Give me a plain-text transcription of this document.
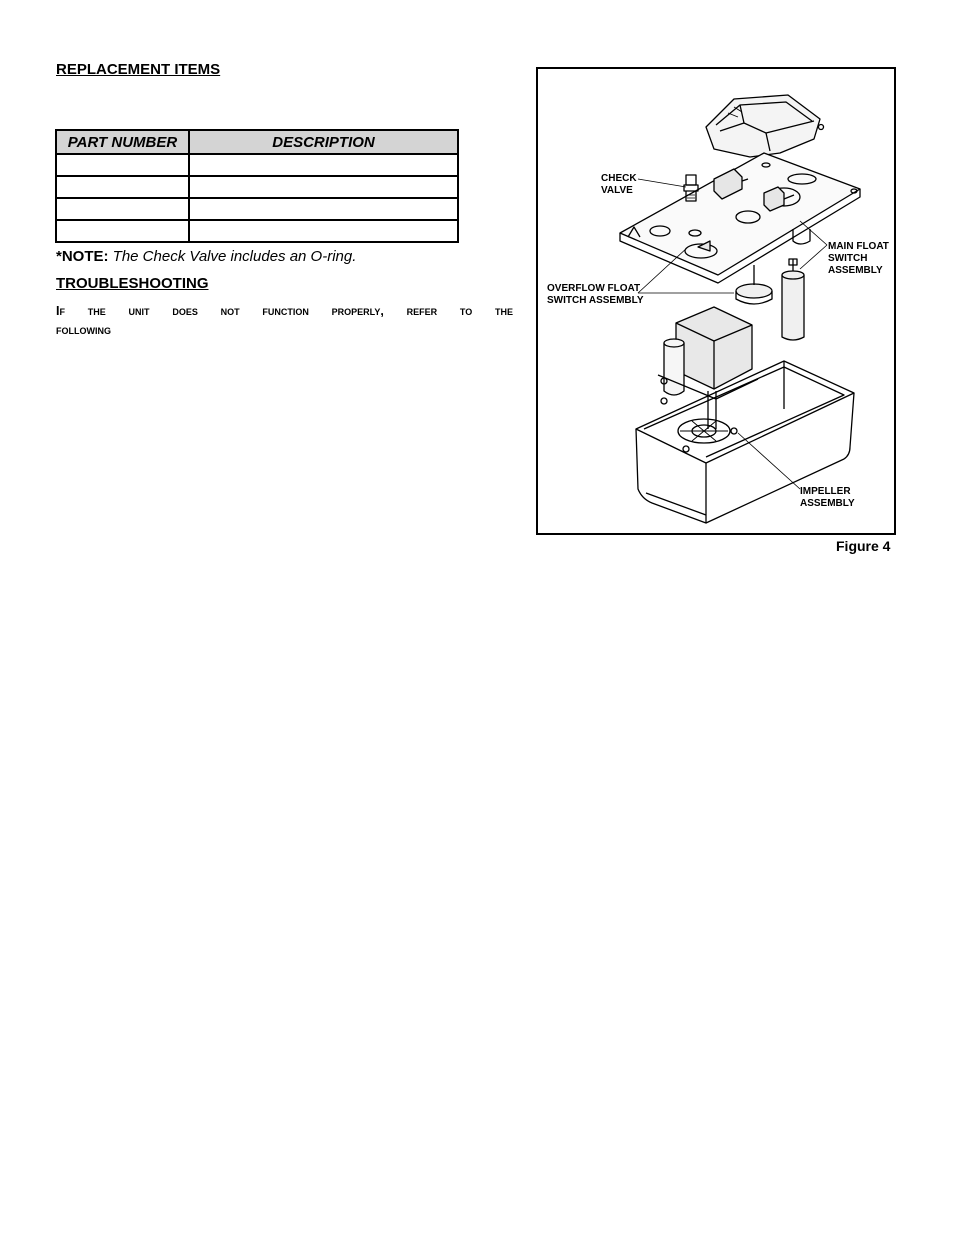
REPLACEMENT ITEMS
PART NUMBER	DESCRIPTION

*NOTE: The Check Valve includes an O-ring.
TROUBLESHOOTING
If the unit does not function properly, refer to the
following
CHECK
VALVE
MAIN FLOAT
SWITCH
ASSEMBLY
OVERFLOW FLOAT
SWITCH ASSEMBLY
IMPELLER
ASSEMBLY
Figure 4
